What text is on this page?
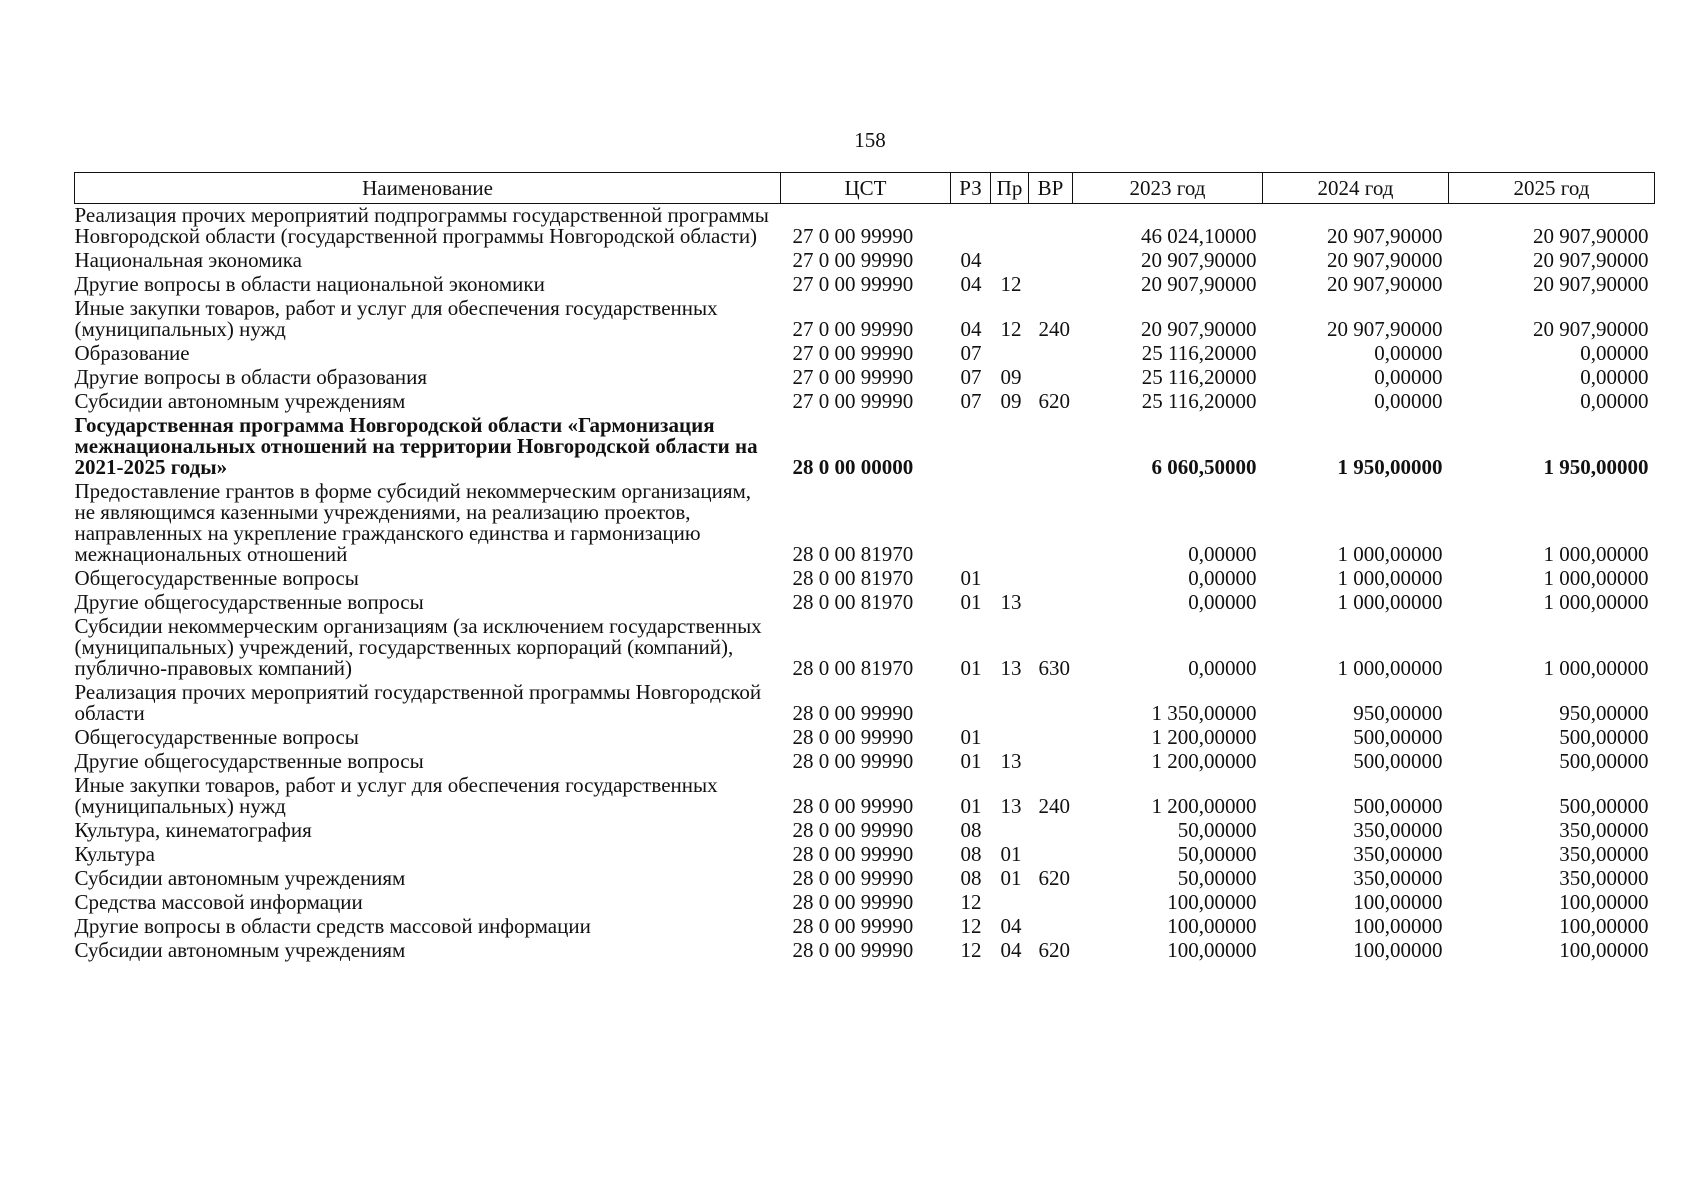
158
Наименование	ЦСТ	РЗ	Пр	ВР	2023 год	2024 год	2025 год
Реализация прочих мероприятий подпрограммы государственной программы Новгородской области (государственной программы Новгородской области)	27 0 00 99990				46 024,10000	20 907,90000	20 907,90000
Национальная экономика	27 0 00 99990	04			20 907,90000	20 907,90000	20 907,90000
Другие вопросы в области национальной экономики	27 0 00 99990	04	12		20 907,90000	20 907,90000	20 907,90000
Иные закупки товаров, работ и услуг для обеспечения государственных (муниципальных) нужд	27 0 00 99990	04	12	240	20 907,90000	20 907,90000	20 907,90000
Образование	27 0 00 99990	07			25 116,20000	0,00000	0,00000
Другие вопросы в области образования	27 0 00 99990	07	09		25 116,20000	0,00000	0,00000
Субсидии автономным учреждениям	27 0 00 99990	07	09	620	25 116,20000	0,00000	0,00000
Государственная программа Новгородской области «Гармонизация межнациональных отношений на территории Новгородской области на 2021-2025 годы»	28 0 00 00000				6 060,50000	1 950,00000	1 950,00000
Предоставление грантов в форме субсидий некоммерческим организациям, не являющимся казенными учреждениями, на реализацию проектов, направленных на укрепление гражданского единства и гармонизацию межнациональных отношений	28 0 00 81970				0,00000	1 000,00000	1 000,00000
Общегосударственные вопросы	28 0 00 81970	01			0,00000	1 000,00000	1 000,00000
Другие общегосударственные вопросы	28 0 00 81970	01	13		0,00000	1 000,00000	1 000,00000
Субсидии некоммерческим организациям (за исключением государственных (муниципальных) учреждений, государственных корпораций (компаний), публично-правовых компаний)	28 0 00 81970	01	13	630	0,00000	1 000,00000	1 000,00000
Реализация прочих мероприятий государственной программы Новгородской области	28 0 00 99990				1 350,00000	950,00000	950,00000
Общегосударственные вопросы	28 0 00 99990	01			1 200,00000	500,00000	500,00000
Другие общегосударственные вопросы	28 0 00 99990	01	13		1 200,00000	500,00000	500,00000
Иные закупки товаров, работ и услуг для обеспечения государственных (муниципальных) нужд	28 0 00 99990	01	13	240	1 200,00000	500,00000	500,00000
Культура, кинематография	28 0 00 99990	08			50,00000	350,00000	350,00000
Культура	28 0 00 99990	08	01		50,00000	350,00000	350,00000
Субсидии автономным учреждениям	28 0 00 99990	08	01	620	50,00000	350,00000	350,00000
Средства массовой информации	28 0 00 99990	12			100,00000	100,00000	100,00000
Другие вопросы в области средств массовой информации	28 0 00 99990	12	04		100,00000	100,00000	100,00000
Субсидии автономным учреждениям	28 0 00 99990	12	04	620	100,00000	100,00000	100,00000
